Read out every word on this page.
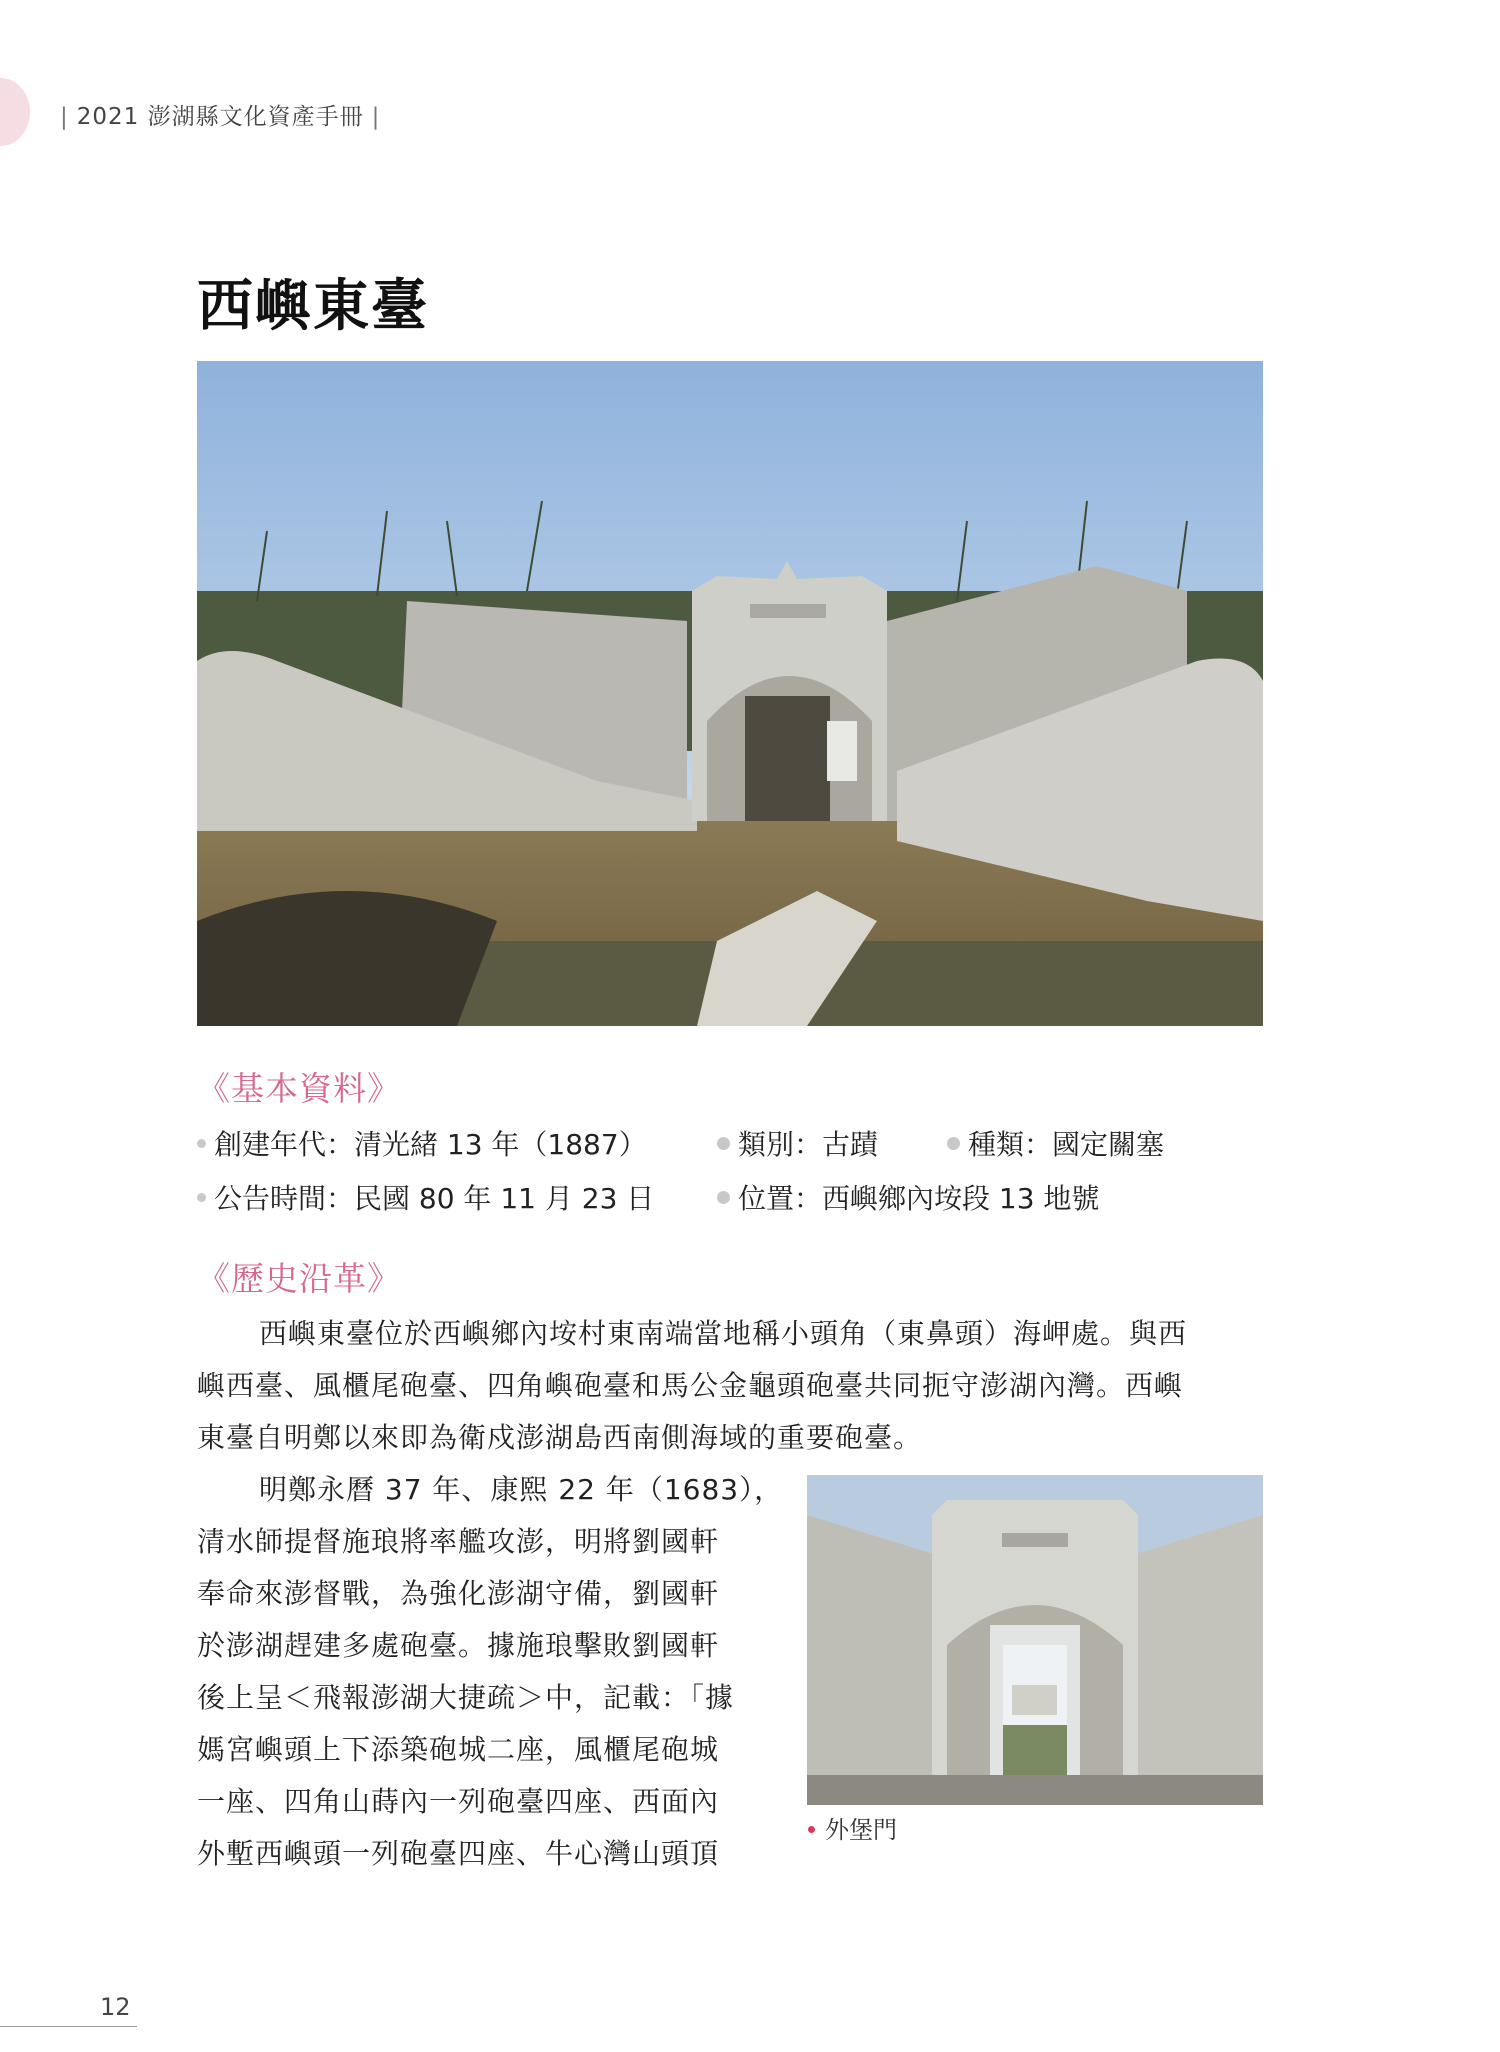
| 2021 澎湖縣文化資產手冊 |
西嶼東臺
《基本資料》
創建年代：清光緒 13 年（1887）	類別：古蹟	種類：國定關塞
公告時間：民國 80 年 11 月 23 日	位置：西嶼鄉內垵段 13 地號
《歷史沿革》
西嶼東臺位於西嶼鄉內垵村東南端當地稱小頭角（東鼻頭）海岬處。與西
嶼西臺、風櫃尾砲臺、四角嶼砲臺和馬公金龜頭砲臺共同扼守澎湖內灣。西嶼
東臺自明鄭以來即為衛戍澎湖島西南側海域的重要砲臺。
明鄭永曆 37 年、康熙 22 年（1683），
清水師提督施琅將率艦攻澎，明將劉國軒
奉命來澎督戰，為強化澎湖守備，劉國軒
於澎湖趕建多處砲臺。據施琅擊敗劉國軒
後上呈＜飛報澎湖大捷疏＞中，記載：「據
媽宮嶼頭上下添築砲城二座，風櫃尾砲城
一座、四角山蒔內一列砲臺四座、西面內
外塹西嶼頭一列砲臺四座、牛心灣山頭頂
外堡門
12
